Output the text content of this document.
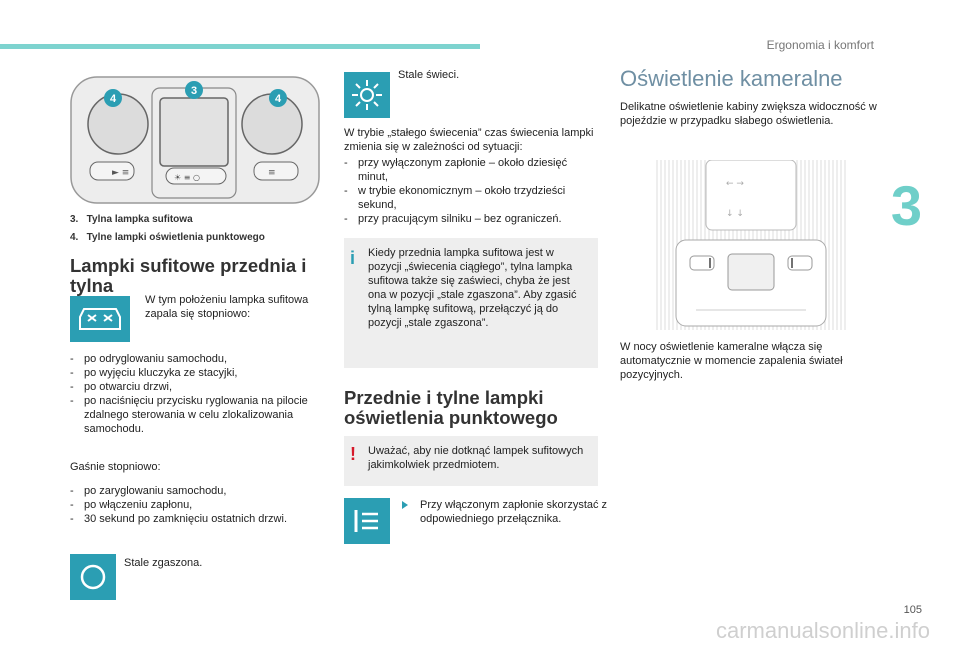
Ergonomia i komfort
3
105
carmanualsonline.info
► ≡	≡
☀ ≡ ○
4
3
4
3.   Tylna lampka sufitowa
4.   Tylne lampki oświetlenia punktowego
Lampki sufitowe przednia i tylna

W tym położeniu lampka sufitowa zapala się stopniowo:

- po odryglowaniu samochodu,
- po wyjęciu kluczyka ze stacyjki,
- po otwarciu drzwi,
- po naciśnięciu przycisku ryglowania na pilocie zdalnego sterowania w celu zlokalizowania samochodu.

Gaśnie stopniowo:

- po zaryglowaniu samochodu,
- po włączeniu zapłonu,
- 30 sekund po zamknięciu ostatnich drzwi.

Stale zgaszona.

Stale świeci.

W trybie „stałego świecenia” czas świecenia lampki zmienia się w zależności od sytuacji:

- przy wyłączonym zapłonie – około dziesięć minut,
- w trybie ekonomicznym – około trzydzieści sekund,
- przy pracującym silniku – bez ograniczeń.
i Kiedy przednia lampka sufitowa jest w pozycji „świecenia ciągłego”, tylna lampka sufitowa także się zaświeci, chyba że jest ona w pozycji „stale zgaszona”. Aby zgasić tylną lampkę sufitową, przełączyć ją do pozycji „stale zgaszona”.

Przednie i tylne lampki oświetlenia punktowego
! Uważać, aby nie dotknąć lampek sufitowych jakimkolwiek przedmiotem.

Przy włączonym zapłonie skorzystać z odpowiedniego przełącznika.
Oświetlenie kameralne

Delikatne oświetlenie kabiny zwiększa widoczność w pojeździe w przypadku słabego oświetlenia.

← →
↓ ↓

W nocy oświetlenie kameralne włącza się automatycznie w momencie zapalenia świateł pozycyjnych.
